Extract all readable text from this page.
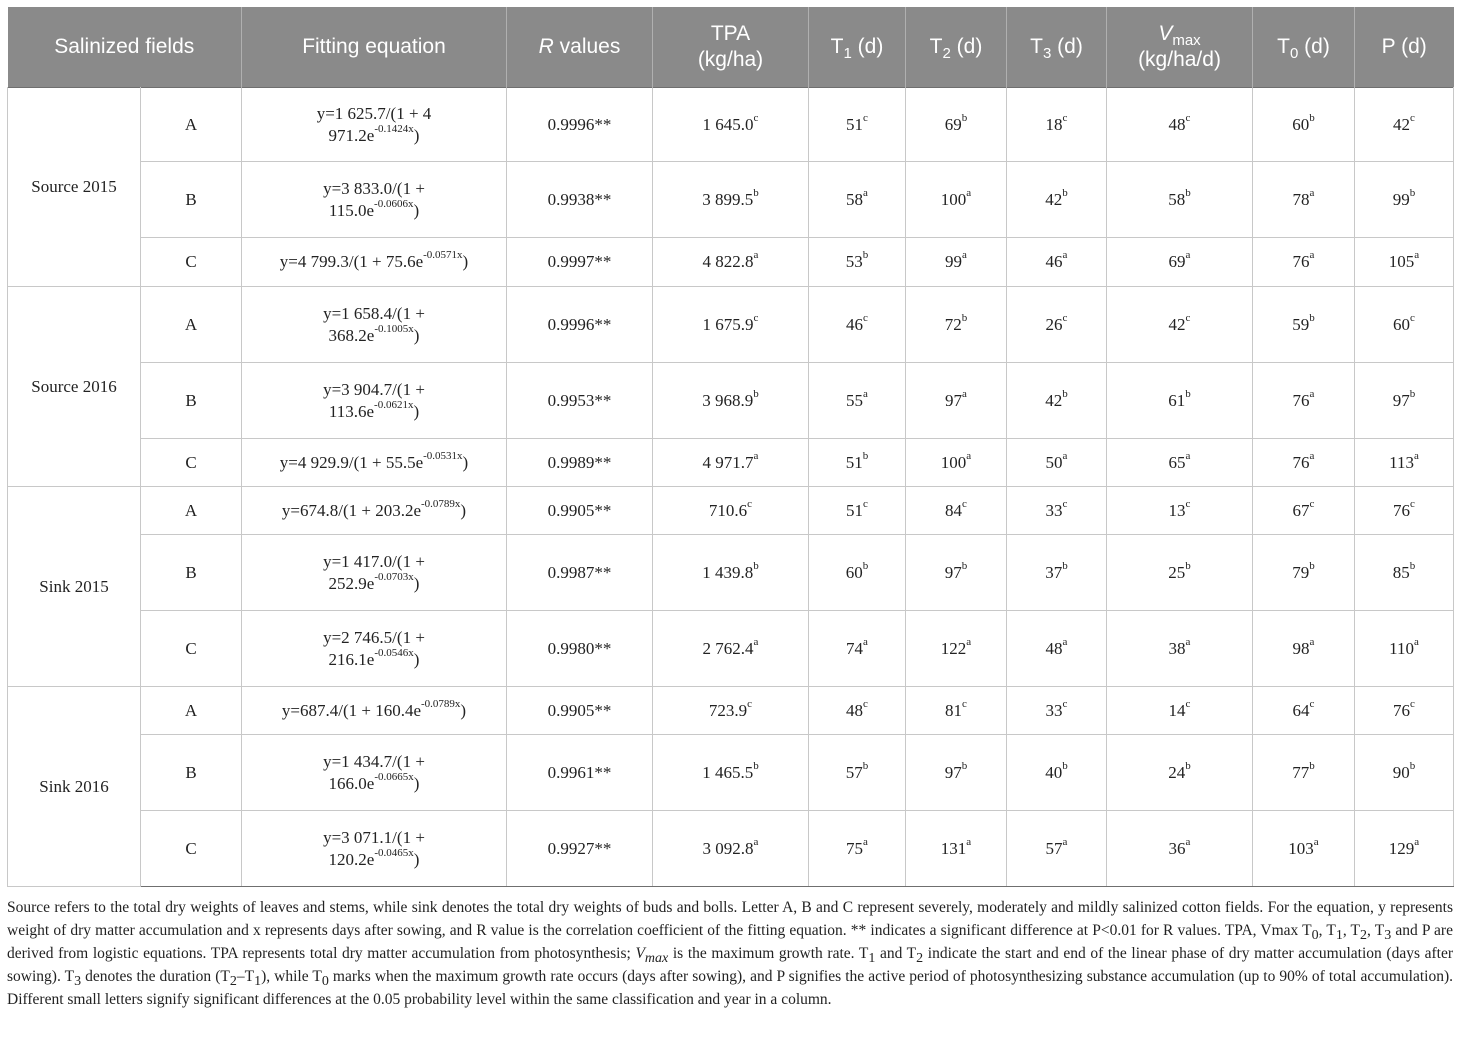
Salinized fields		Fitting equation	R values	TPA
(kg/ha)	$T_1$ (d)	$T_2$ (d)	$T_3$ (d)	$V_{max}$
(kg/ha/d)	$T_0$ (d)	P (d)
Source 2015	A	y=1 625.7/(1 + 4
$971.2e^{-0.1424x}$)	0.9996**	1 645.0$^c$	51$^c$	69$^b$	18$^c$	48$^c$	60$^b$	42$^c$
	B	y=3 833.0/(1 +
$115.0e^{-0.0606x}$)	0.9938**	3 899.5$^b$	58$^a$	100$^a$	42$^b$	58$^b$	78$^a$	99$^b$
	C	y=4 $799.3/(1 + 75.6e^{-0.0571x})$	0.9997**	4 822.8$^a$	53$^b$	99$^a$	46$^a$	69$^a$	76$^a$	105$^a$
Source 2016	A	y=1 658.4/(1 +
$368.2e^{-0.1005x}$)	0.9996**	1 675.9$^c$	46$^c$	72$^b$	26$^c$	42$^c$	59$^b$	60$^c$
	B	y=3 904.7/(1 +
$113.6e^{-0.0621x}$)	0.9953**	3 968.9$^b$	55$^a$	97$^a$	42$^b$	61$^b$	76$^a$	97$^b$
	C	y=4 $929.9/(1 + 55.5e^{-0.0531x})$	0.9989**	4 971.7$^a$	51$^b$	100$^a$	50$^a$	65$^a$	76$^a$	113$^a$
Sink 2015	A	$y=674.8/(1 + 203.2e^{-0.0789x})$	0.9905**	710.6$^c$	51$^c$	84$^c$	33$^c$	13$^c$	67$^c$	76$^c$
	B	y=1 417.0/(1 +
$252.9e^{-0.0703x}$)	0.9987**	1 439.8$^b$	60$^b$	97$^b$	37$^b$	25$^b$	79$^b$	85$^b$
	C	y=2 746.5/(1 +
$216.1e^{-0.0546x}$)	0.9980**	2 762.4$^a$	74$^a$	122$^a$	48$^a$	38$^a$	98$^a$	110$^a$
Sink 2016	A	$y=687.4/(1 + 160.4e^{-0.0789x})$	0.9905**	723.9$^c$	48$^c$	81$^c$	33$^c$	14$^c$	64$^c$	76$^c$
	B	y=1 434.7/(1 +
$166.0e^{-0.0665x}$)	0.9961**	1 465.5$^b$	57$^b$	97$^b$	40$^b$	24$^b$	77$^b$	90$^b$
	C	y=3 071.1/(1 +
$120.2e^{-0.0465x}$)	0.9927**	3 092.8$^a$	75$^a$	131$^a$	57$^a$	36$^a$	103$^a$	129$^a$
Source refers to the total dry weights of leaves and stems, while sink denotes the total dry weights of buds and bolls. Letter A, B and C represent severely, moderately and mildly salinized cotton fields. For the equation, y represents weight of dry matter accumulation and x represents days after sowing, and R value is the correlation coefficient of the fitting equation. ** indicates a significant difference at P<0.01 for R values. TPA, Vmax $T_0$, $T_1$, $T_2$, $T_3$ and P are derived from logistic equations. TPA represents total dry matter accumulation from photosynthesis; $V_{max}$ is the maximum growth rate. $T_1$ and $T_2$ indicate the start and end of the linear phase of dry matter accumulation (days after sowing). $T_3$ denotes the duration $(T_2-T_1)$, while $T_0$ marks when the maximum growth rate occurs (days after sowing), and P signifies the active period of photosynthesizing substance accumulation (up to 90% of total accumulation). Different small letters signify significant differences at the 0.05 probability level within the same classification and year in a column.
